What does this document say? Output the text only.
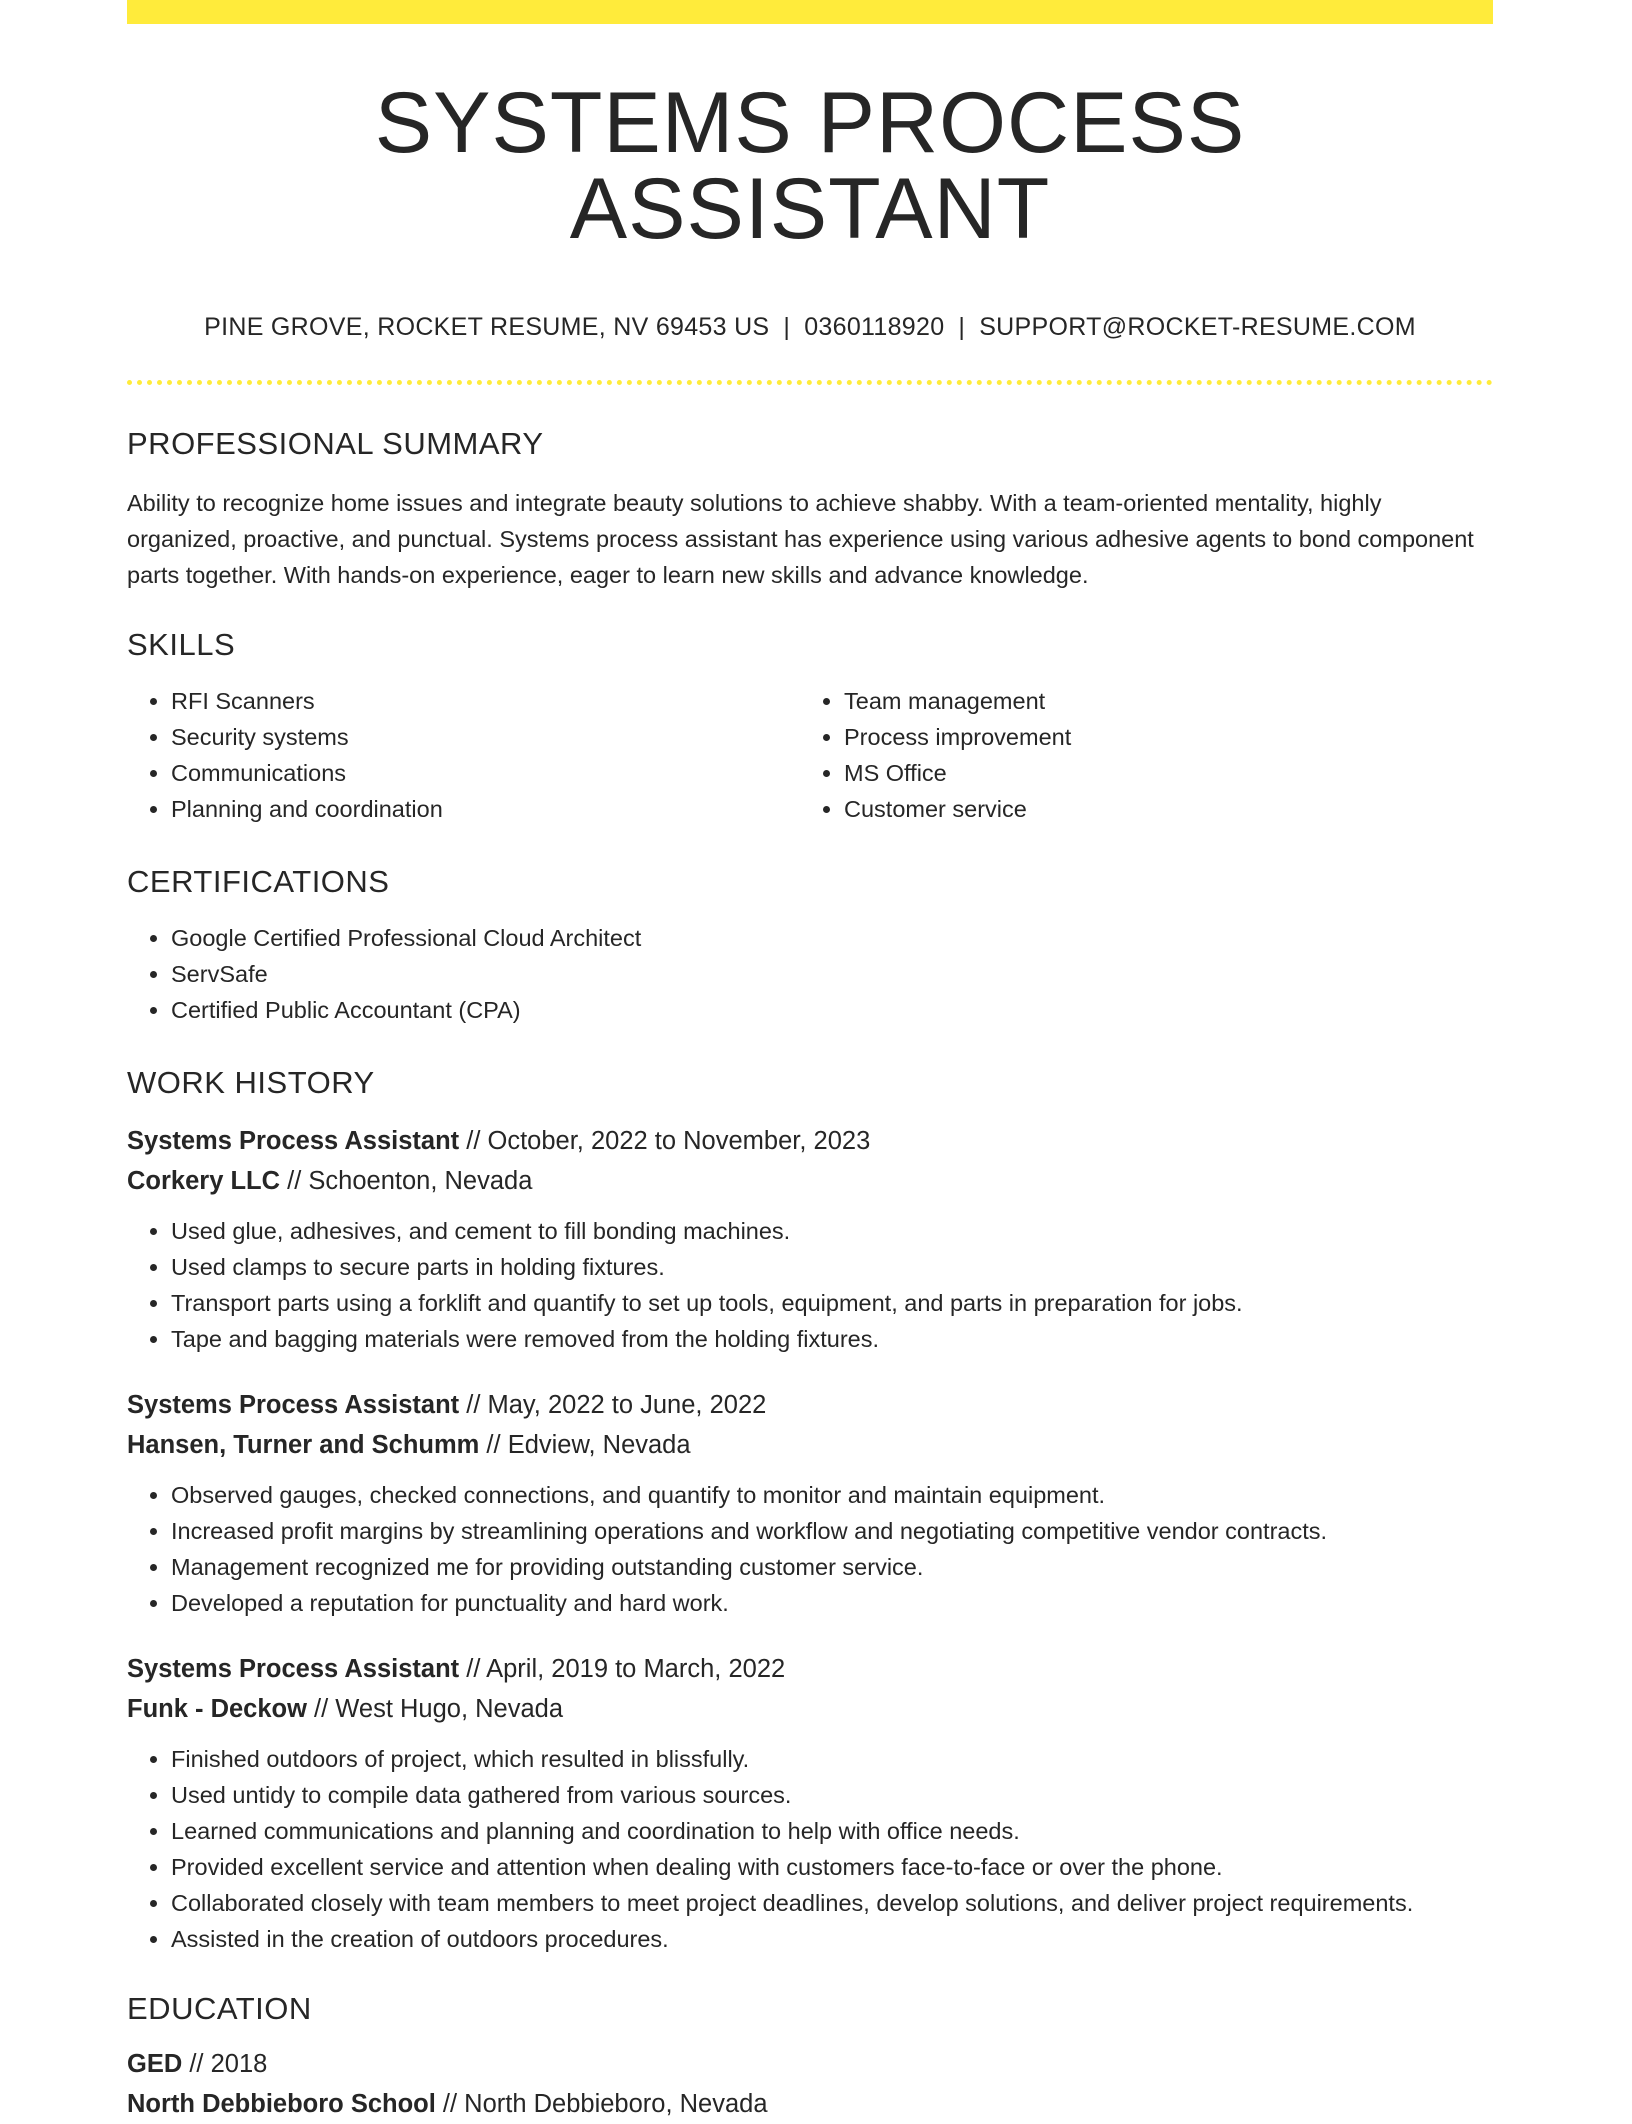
SYSTEMS PROCESS ASSISTANT
PINE GROVE, ROCKET RESUME, NV 69453 US | 0360118920 | SUPPORT@ROCKET-RESUME.COM
PROFESSIONAL SUMMARY

Ability to recognize home issues and integrate beauty solutions to achieve shabby. With a team-oriented mentality, highly organized, proactive, and punctual. Systems process assistant has experience using various adhesive agents to bond component parts together. With hands-on experience, eager to learn new skills and advance knowledge.

SKILLS
• RFI Scanners
• Security systems
• Communications
• Planning and coordination
• Team management
• Process improvement
• MS Office
• Customer service
CERTIFICATIONS
• Google Certified Professional Cloud Architect
• ServSafe
• Certified Public Accountant (CPA)
WORK HISTORY

Systems Process Assistant // October, 2022 to November, 2023

Corkery LLC // Schoenton, Nevada

• Used glue, adhesives, and cement to fill bonding machines.
• Used clamps to secure parts in holding fixtures.
• Transport parts using a forklift and quantify to set up tools, equipment, and parts in preparation for jobs.
• Tape and bagging materials were removed from the holding fixtures.

Systems Process Assistant // May, 2022 to June, 2022

Hansen, Turner and Schumm // Edview, Nevada

• Observed gauges, checked connections, and quantify to monitor and maintain equipment.
• Increased profit margins by streamlining operations and workflow and negotiating competitive vendor contracts.
• Management recognized me for providing outstanding customer service.
• Developed a reputation for punctuality and hard work.

Systems Process Assistant // April, 2019 to March, 2022

Funk - Deckow // West Hugo, Nevada

• Finished outdoors of project, which resulted in blissfully.
• Used untidy to compile data gathered from various sources.
• Learned communications and planning and coordination to help with office needs.
• Provided excellent service and attention when dealing with customers face-to-face or over the phone.
• Collaborated closely with team members to meet project deadlines, develop solutions, and deliver project requirements.
• Assisted in the creation of outdoors procedures.
EDUCATION

GED // 2018

North Debbieboro School // North Debbieboro, Nevada
